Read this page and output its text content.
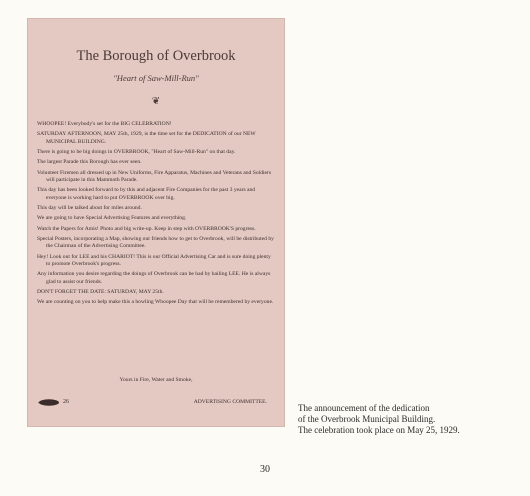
The Borough of Overbrook
"Heart of Saw-Mill-Run"
❦

WHOOPEE! Everybody's set for the BIG CELEBRATION!

SATURDAY AFTERNOON, MAY 25th, 1929, is the time set for the DEDICATION of our NEW MUNICIPAL BUILDING.

There is going to be big doings in OVERBROOK, "Heart of Saw-Mill-Run" on that day.

The largest Parade this Borough has ever seen.

Volunteer Firemen all dressed up in New Uniforms, Fire Apparatus, Machines and Veterans and Soldiers will participate in this Mammoth Parade.

This day has been looked forward to by this and adjacent Fire Companies for the past 3 years and everyone is working hard to put OVERBROOK over big.

This day will be talked about for miles around.

We are going to have Special Advertising Features and everything.

Watch the Papers for Amis! Photo and big write-up. Keep in step with OVERBROOK'S progress.

Special Posters, incorporating a Map, showing our friends how to get to Overbrook, will be distributed by the Chairman of the Advertising Committee.

Hey! Look out for LEE and his CHARIOT! This is our Official Advertising Car and is sure doing plenty to promote Overbrook's progress.

Any information you desire regarding the doings of Overbrook can be had by hailing LEE. He is always glad to assist our friends.

DON'T FORGET THE DATE: SATURDAY, MAY 25th.

We are counting on you to help make this a howling Whoopee Day that will be remembered by everyone.

Yours in Fire, Water and Smoke,
26	ADVERTISING COMMITTEE.
The announcement of the dedication
of the Overbrook Municipal Building.
The celebration took place on May 25, 1929.
30
